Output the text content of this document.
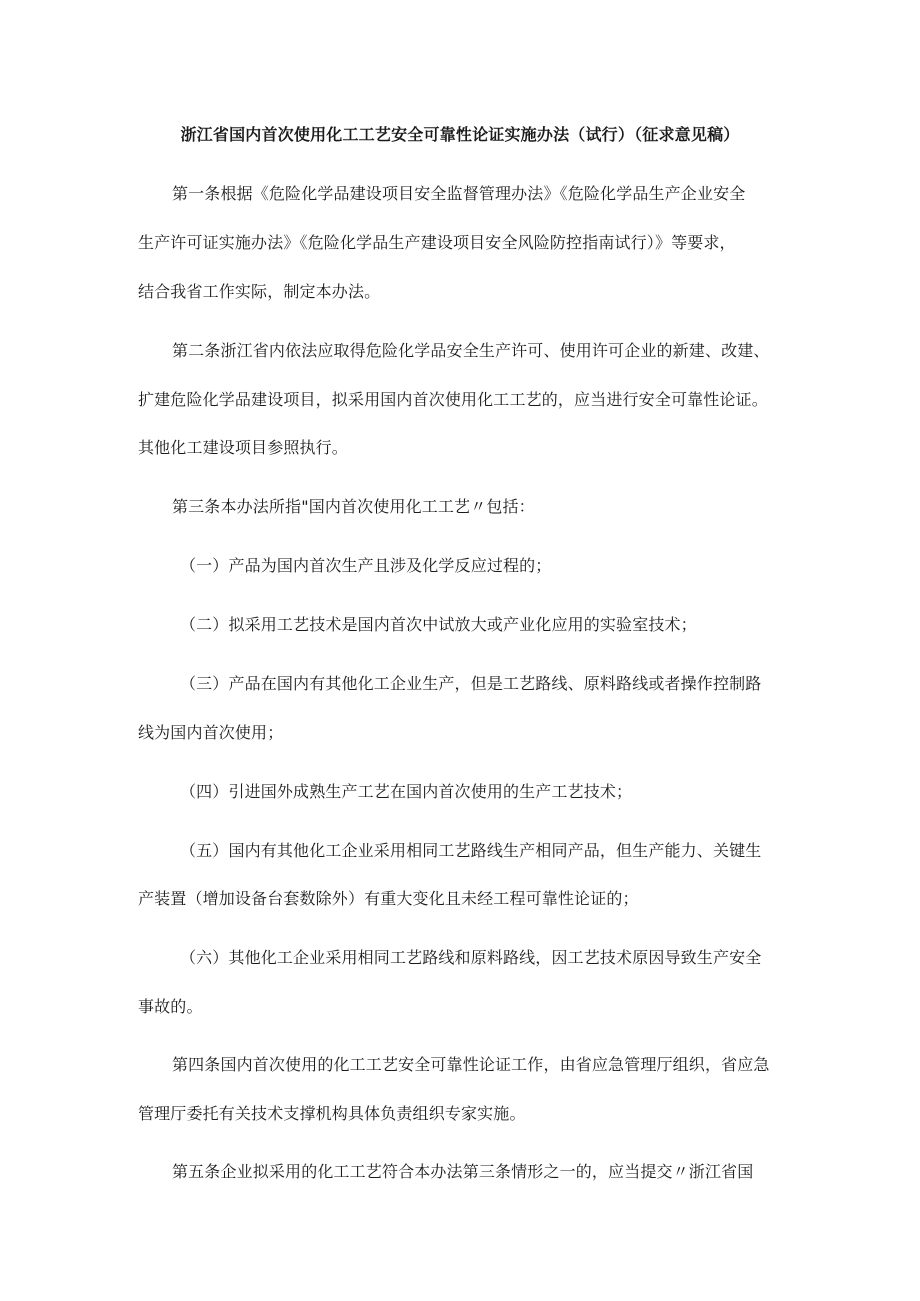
浙江省国内首次使用化工工艺安全可靠性论证实施办法（试行）（征求意见稿）
第一条根据《危险化学品建设项目安全监督管理办法》《危险化学品生产企业安全
生产许可证实施办法》《危险化学品生产建设项目安全风险防控指南试行）》等要求，
结合我省工作实际，制定本办法。
第二条浙江省内依法应取得危险化学品安全生产许可、使用许可企业的新建、改建、
扩建危险化学品建设项目，拟采用国内首次使用化工工艺的，应当进行安全可靠性论证。
其他化工建设项目参照执行。
第三条本办法所指"国内首次使用化工工艺〃包括：
（一）产品为国内首次生产且涉及化学反应过程的；
（二）拟采用工艺技术是国内首次中试放大或产业化应用的实验室技术；
（三）产品在国内有其他化工企业生产，但是工艺路线、原料路线或者操作控制路
线为国内首次使用；
（四）引进国外成熟生产工艺在国内首次使用的生产工艺技术；
（五）国内有其他化工企业采用相同工艺路线生产相同产品，但生产能力、关键生
产装置（增加设备台套数除外）有重大变化且未经工程可靠性论证的；
（六）其他化工企业采用相同工艺路线和原料路线，因工艺技术原因导致生产安全
事故的。
第四条国内首次使用的化工工艺安全可靠性论证工作，由省应急管理厅组织，省应急
管理厅委托有关技术支撑机构具体负责组织专家实施。
第五条企业拟采用的化工工艺符合本办法第三条情形之一的，应当提交〃浙江省国
